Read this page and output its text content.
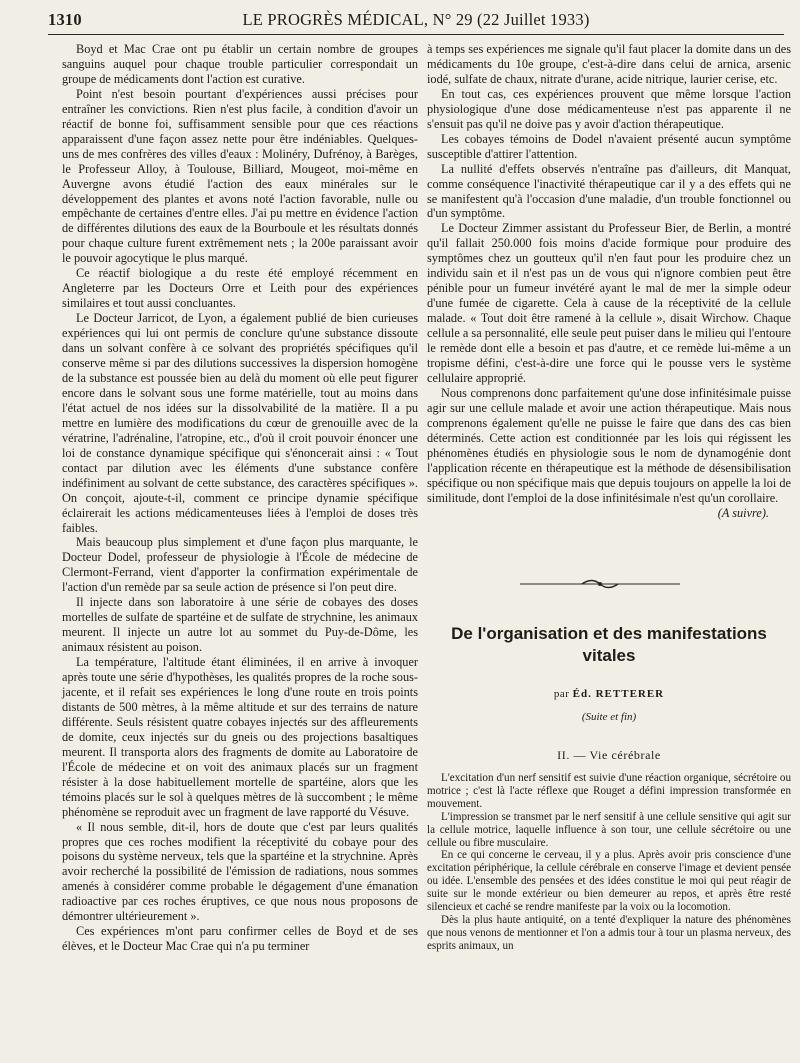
1310	LE PROGRÈS MÉDICAL, N° 29 (22 Juillet 1933)

Boyd et Mac Crae ont pu établir un certain nombre de groupes sanguins auquel pour chaque trouble particulier correspondait un groupe de médicaments dont l'action est curative.

Point n'est besoin pourtant d'expériences aussi précises pour entraîner les convictions. Rien n'est plus facile, à condition d'avoir un réactif de bonne foi, suffisamment sensible pour que ces réactions apparaissent d'une façon assez nette pour être indéniables. Quelques-uns de mes confrères des villes d'eaux : Molinéry, Dufrénoy, à Barèges, le Professeur Alloy, à Toulouse, Billiard, Mougeot, moi-même en Auvergne avons étudié l'action des eaux minérales sur le développement des plantes et avons noté l'action favorable, nulle ou empêchante de certaines d'entre elles. J'ai pu mettre en évidence l'action de différentes dilutions des eaux de la Bourboule et les résultats donnés pour chaque culture furent extrêmement nets ; la 200e paraissant avoir le pouvoir agocytique le plus marqué.

Ce réactif biologique a du reste été employé récemment en Angleterre par les Docteurs Orre et Leith pour des expériences similaires et tout aussi concluantes.

Le Docteur Jarricot, de Lyon, a également publié de bien curieuses expériences qui lui ont permis de conclure qu'une substance dissoute dans un solvant confère à ce solvant des propriétés spécifiques qu'il conserve même si par des dilutions successives la dispersion homogène de la substance est poussée bien au delà du moment où elle peut figurer encore dans le solvant sous une forme matérielle, tout au moins dans l'état actuel de nos idées sur la dissolvabilité de la matière. Il a pu mettre en lumière des modifications du cœur de grenouille avec de la vératrine, l'adrénaline, l'atropine, etc., d'où il croit pouvoir énoncer une loi de constance dynamique spécifique qui s'énoncerait ainsi : « Tout contact par dilution avec les éléments d'une substance confère indéfiniment au solvant de cette substance, des caractères spécifiques ». On conçoit, ajoute-t-il, comment ce principe dynamie spécifique éclairerait les actions médicamenteuses liées à l'emploi de doses très faibles.

Mais beaucoup plus simplement et d'une façon plus marquante, le Docteur Dodel, professeur de physiologie à l'École de médecine de Clermont-Ferrand, vient d'apporter la confirmation expérimentale de l'action d'un remède par sa seule action de présence si l'on peut dire.

Il injecte dans son laboratoire à une série de cobayes des doses mortelles de sulfate de spartéine et de sulfate de strychnine, les animaux meurent. Il injecte un autre lot au sommet du Puy-de-Dôme, les animaux résistent au poison.

La température, l'altitude étant éliminées, il en arrive à invoquer après toute une série d'hypothèses, les qualités propres de la roche sous-jacente, et il refait ses expériences le long d'une route en trois points distants de 500 mètres, à la même altitude et sur des terrains de nature différente. Seuls résistent quatre cobayes injectés sur des affleurements de domite, ceux injectés sur du gneis ou des projections basaltiques meurent. Il transporta alors des fragments de domite au Laboratoire de l'École de médecine et on voit des animaux placés sur un fragment résister à la dose habituellement mortelle de spartéine, alors que les témoins placés sur le sol à quelques mètres de là succombent ; le même phénomène se reproduit avec un fragment de lave rapporté du Vésuve.

« Il nous semble, dit-il, hors de doute que c'est par leurs qualités propres que ces roches modifient la réceptivité du cobaye pour des poisons du système nerveux, tels que la spartéine et la strychnine. Après avoir recherché la possibilité de l'émission de radiations, nous sommes amenés à considérer comme probable le dégagement d'une émanation radioactive par ces roches éruptives, ce que nous nous proposons de démontrer ultérieurement ».

Ces expériences m'ont paru confirmer celles de Boyd et de ses élèves, et le Docteur Mac Crae qui n'a pu terminer

à temps ses expériences me signale qu'il faut placer la domite dans un des médicaments du 10e groupe, c'est-à-dire dans celui de arnica, arsenic iodé, sulfate de chaux, nitrate d'urane, acide nitrique, laurier cerise, etc.

En tout cas, ces expériences prouvent que même lorsque l'action physiologique d'une dose médicamenteuse n'est pas apparente il ne s'ensuit pas qu'il ne doive pas y avoir d'action thérapeutique.

Les cobayes témoins de Dodel n'avaient présenté aucun symptôme susceptible d'attirer l'attention.

La nullité d'effets observés n'entraîne pas d'ailleurs, dit Manquat, comme conséquence l'inactivité thérapeutique car il y a des effets qui ne se manifestent qu'à l'occasion d'une maladie, d'un trouble fonctionnel ou d'un symptôme.

Le Docteur Zimmer assistant du Professeur Bier, de Berlin, a montré qu'il fallait 250.000 fois moins d'acide formique pour produire des symptômes chez un goutteux qu'il n'en faut pour les produire chez un individu sain et il n'est pas un de vous qui n'ignore combien peut être pénible pour un fumeur invétéré ayant le mal de mer la simple odeur d'une fumée de cigarette. Cela à cause de la réceptivité de la cellule malade. « Tout doit être ramené à la cellule », disait Wirchow. Chaque cellule a sa personnalité, elle seule peut puiser dans le milieu qui l'entoure le remède dont elle a besoin et pas d'autre, et ce remède lui-même a un tropisme défini, c'est-à-dire une force qui le pousse vers le système cellulaire approprié.

Nous comprenons donc parfaitement qu'une dose infinitésimale puisse agir sur une cellule malade et avoir une action thérapeutique. Mais nous comprenons également qu'elle ne puisse le faire que dans des cas bien déterminés. Cette action est conditionnée par les lois qui régissent les phénomènes étudiés en physiologie sous le nom de dynamogénie dont l'application récente en thérapeutique est la méthode de désensibilisation spécifique ou non spécifique mais que depuis toujours on appelle la loi de similitude, dont l'emploi de la dose infinitésimale n'est qu'un corollaire.

(A suivre).

De l'organisation et des manifestations vitales
par Éd. RETTERER
(Suite et fin)
II. — Vie cérébrale

L'excitation d'un nerf sensitif est suivie d'une réaction organique, sécrétoire ou motrice ; c'est là l'acte réflexe que Rouget a défini impression transformée en mouvement.

L'impression se transmet par le nerf sensitif à une cellule sensitive qui agit sur la cellule motrice, laquelle influence à son tour, une cellule sécrétoire ou une cellule ou fibre musculaire.

En ce qui concerne le cerveau, il y a plus. Après avoir pris conscience d'une excitation périphérique, la cellule cérébrale en conserve l'image et devient pensée ou idée. L'ensemble des pensées et des idées constitue le moi qui peut réagir de suite sur le monde extérieur ou bien demeurer au repos, et après être resté silencieux et caché se rendre manifeste par la voix ou la locomotion.

Dès la plus haute antiquité, on a tenté d'expliquer la nature des phénomènes que nous venons de mentionner et l'on a admis tour à tour un plasma nerveux, des esprits animaux, un
